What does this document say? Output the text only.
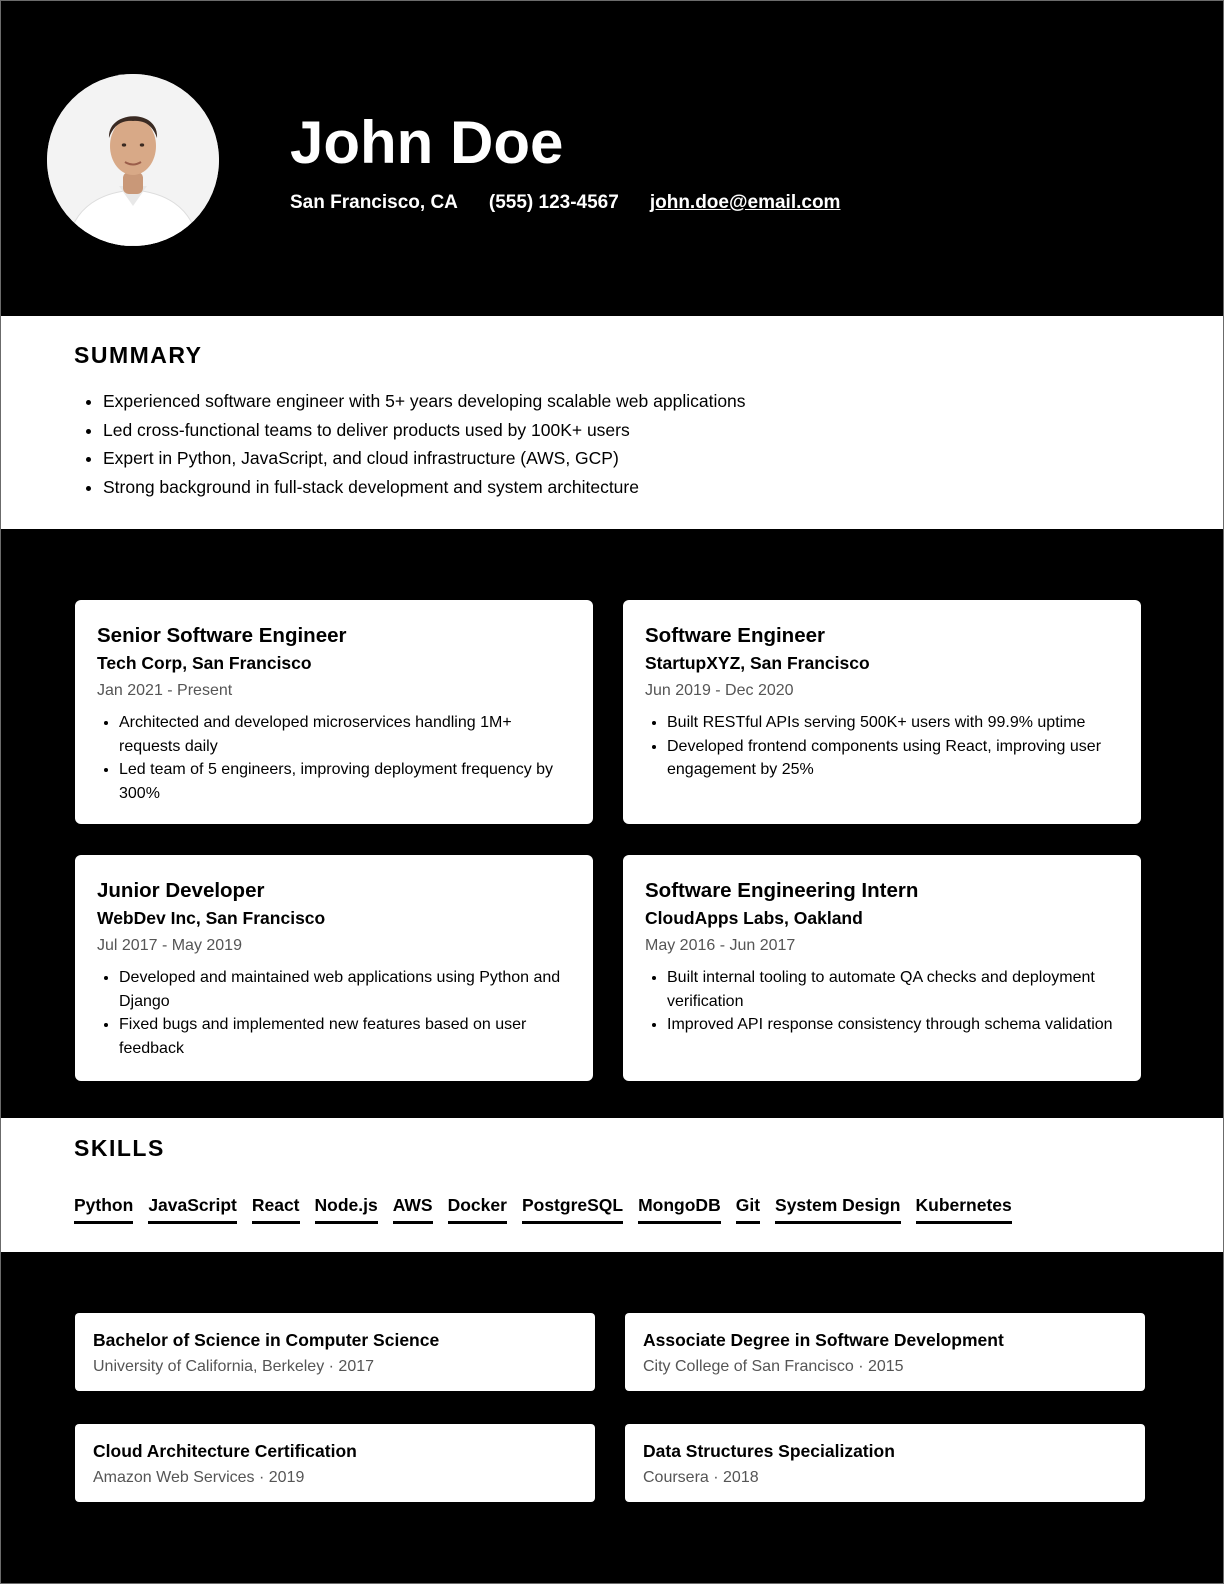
John Doe
San Francisco, CA (555) 123-4567 john.doe@email.com
SUMMARY
• Experienced software engineer with 5+ years developing scalable web applications
• Led cross-functional teams to deliver products used by 100K+ users
• Expert in Python, JavaScript, and cloud infrastructure (AWS, GCP)
• Strong background in full-stack development and system architecture
Senior Software Engineer
Tech Corp, San Francisco
Jan 2021 - Present
• Architected and developed microservices handling 1M+ requests daily
• Led team of 5 engineers, improving deployment frequency by 300%
Software Engineer
StartupXYZ, San Francisco
Jun 2019 - Dec 2020
• Built RESTful APIs serving 500K+ users with 99.9% uptime
• Developed frontend components using React, improving user engagement by 25%
Junior Developer
WebDev Inc, San Francisco
Jul 2017 - May 2019
• Developed and maintained web applications using Python and Django
• Fixed bugs and implemented new features based on user feedback
Software Engineering Intern
CloudApps Labs, Oakland
May 2016 - Jun 2017
• Built internal tooling to automate QA checks and deployment verification
• Improved API response consistency through schema validation
SKILLS
Python JavaScript React Node.js AWS Docker PostgreSQL MongoDB Git System Design Kubernetes
Bachelor of Science in Computer Science
University of California, Berkeley · 2017
Associate Degree in Software Development
City College of San Francisco · 2015
Cloud Architecture Certification
Amazon Web Services · 2019
Data Structures Specialization
Coursera · 2018
